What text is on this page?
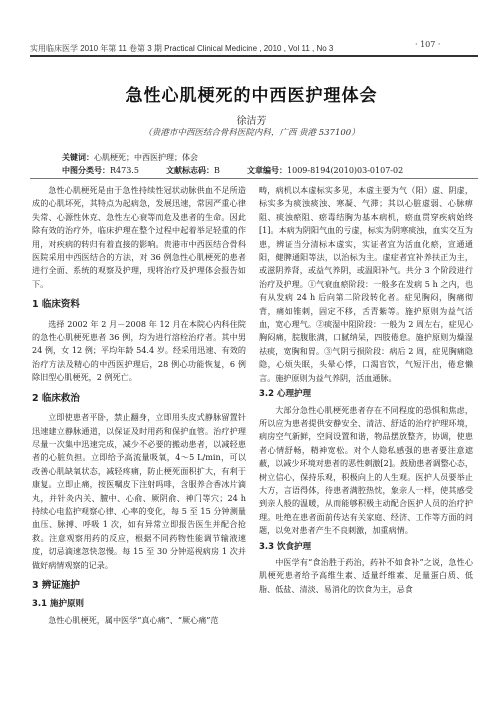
实用临床医学 2010 年第 11 卷第 3 期 Practical Clinical Medicine , 2010 , Vol 11 , No 3	· 107 ·
急性心肌梗死的中西医护理体会
徐洁芳
（贵港市中西医结合骨科医院内科，广西 贵港 537100）
关键词：心肌梗死；中西医护理；体会
中图分类号：R473.5	文献标志码：B	文章编号：1009-8194(2010)03-0107-02

急性心肌梗死是由于急性持续性冠状动脉供血不足所造成的心肌坏死，其特点为起病急，发展迅速，常因严重心律失常、心源性休克、急性左心衰等而危及患者的生命。因此除有效的治疗外，临床护理在整个过程中起着举足轻重的作用，对疾病的转归有着直接的影响。贵港市中西医结合骨科医院采用中西医结合的方法，对 36 例急性心肌梗死的患者进行全面、系统的观察及护理，现将治疗及护理体会报告如下。

1 临床资料

选择 2002 年 2 月－2008 年 12 月在本院心内科住院的急性心肌梗死患者 36 例，均为进行溶栓治疗者。其中男 24 例，女 12 例；平均年龄 54.4 岁。经采用迅速、有效的治疗方法及精心的中西医护理后，28 例心功能恢复，6 例除旧型心肌梗死，2 例死亡。

2 临床救治

立即使患者平卧，禁止翻身，立即用头皮式静脉留置针迅速建立静脉通道，以保证及时用药和保护血管。治疗护理尽量一次集中迅速完成，减少不必要的搬动患者，以减轻患者的心脏负担。立即给予高流量吸氧，4～5 L/min，可以改善心肌缺氧状态，减轻疼痛，防止梗死面积扩大，有利于康复。立即止痛，按医嘱皮下注射吗啡，含服养合香冰片滴丸，并针灸内关、膻中、心俞、厥阴俞、神门等穴；24 h 持续心电监护观察心律、心率的变化，每 5 至 15 分钟测量血压、脉搏、呼吸 1 次，如有异常立即报告医生并配合抢救。注意观察用药的反应，根据不同药物性能调节输液速度，切忌滴速忽快忽慢。每 15 至 30 分钟巡视病房 1 次并做好病情观察的记录。

3 辨证施护
3.1 施护原则

急性心肌梗死，属中医学“真心痛”、“厥心痛”范

畴，病机以本虚标实多见，本虚主要为气（阳）虚、阴虚，标实多为痰浊痰浊、寒凝、气滞；其以心脏虚弱、心脉痹阻、痰浊瘀阻、瘀毒结胸为基本病机，瘀血贯穿疾病始终[1]。本病为阴阳气血的亏虚，标实为阴寒痰浊，血实交互为患，辨证当分清标本虚实，实证者宜为活血化瘀，宣通通阳，健脾通阳等法，以治标为主。虚症者宜补养扶正为主，或滋阴养肾，或益气养阴，或温阳补气。共分 3 个阶段进行治疗及护理。①气衰血瘀阶段：一般多在发病 5 h 之内，也有从发病 24 h 后向第二阶段转化者。症见胸闷，胸痛彻背，痛如锥刺，固定不移，舌青紫等。施护原则为益气活血，宽心理气。②痰湿中阻阶段：一般为 2 周左右，症见心胸闷痛，脘腹胀满，口腻纳呆，四肢倦怠。施护原则为燥湿祛痰，宽胸和胃。③气阴亏损阶段：病后 2 周，症见胸痛隐隐，心烦失眠，头晕心悸，口渴盲饮，气短汗出，倦怠懒言。施护原则为益气养阴，活血通脉。

3.2 心理护理

大部分急性心肌梗死患者存在不同程度的恐惧和焦虑，所以应为患者提供安静安全、清洁、舒适的治疗护理环境，病房空气新鲜，空间设置和谐，物品摆放整齐，协调，使患者心情舒畅，精神宽松。对个人隐私感强的患者要注意遮蔽，以减少环境对患者的恶性刺激[2]。鼓励患者调整心态，树立信心，保持乐观，积极向上的人生观。医护人员要举止大方，言语得体，待患者满腔热忱，象亲人一样，使其感受到亲人般的温暖，从而能够积极主动配合医护人员的治疗护理。吐绝在患者面前传达有关家庭、经济、工作等方面的问题，以免对患者产生不良刺激，加重病情。

3.3 饮食护理

中医学有“食治胜于药治，药补不如食补”之说，急性心肌梗死患者给予高维生素、适量纤维素、足量蛋白质、低脂、低盐、清淡、易消化的饮食为主，忌食
